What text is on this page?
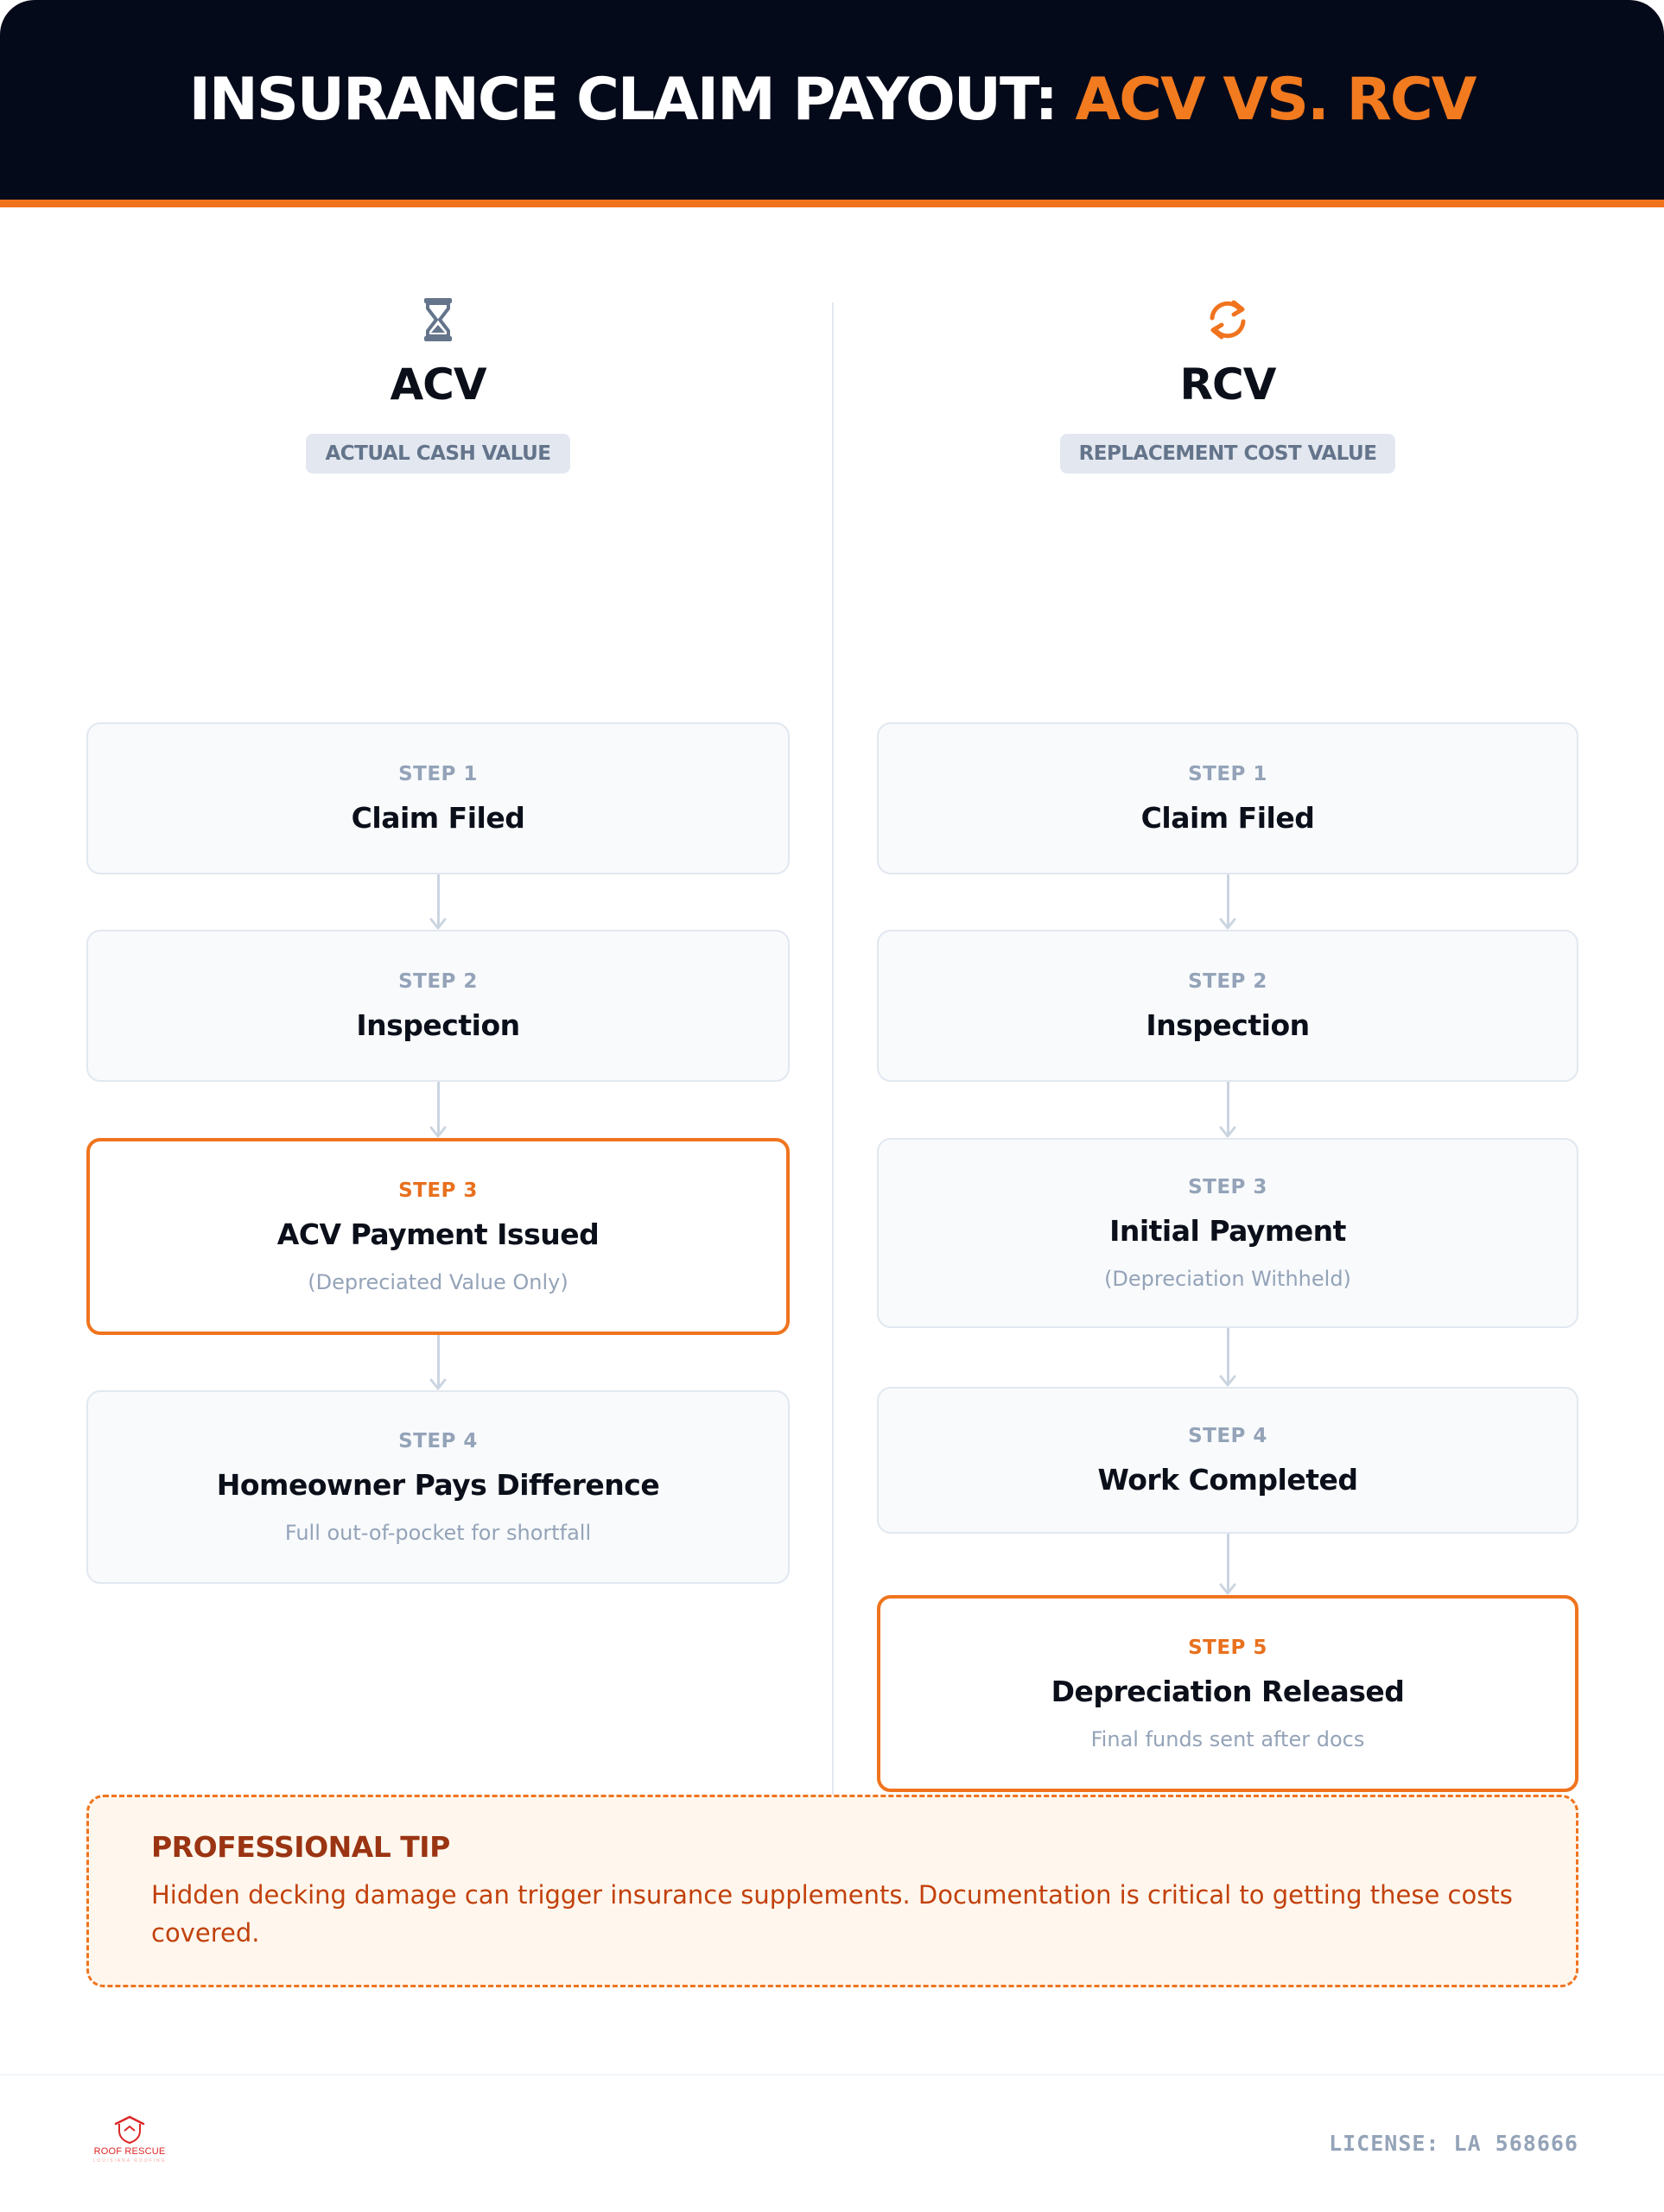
INSURANCE CLAIM PAYOUT: ACV VS. RCV
ACV
ACTUAL CASH VALUE
STEP 1
Claim Filed
STEP 2
Inspection
STEP 3
ACV Payment Issued
(Depreciated Value Only)
STEP 4
Homeowner Pays Difference
Full out-of-pocket for shortfall
RCV
REPLACEMENT COST VALUE
STEP 1
Claim Filed
STEP 2
Inspection
STEP 3
Initial Payment
(Depreciation Withheld)
STEP 4
Work Completed
STEP 5
Depreciation Released
Final funds sent after docs
PROFESSIONAL TIP
Hidden decking damage can trigger insurance supplements. Documentation is critical to getting these costs covered.
ROOF RESCUE
LOUISIANA ROOFING
LICENSE: LA 568666
